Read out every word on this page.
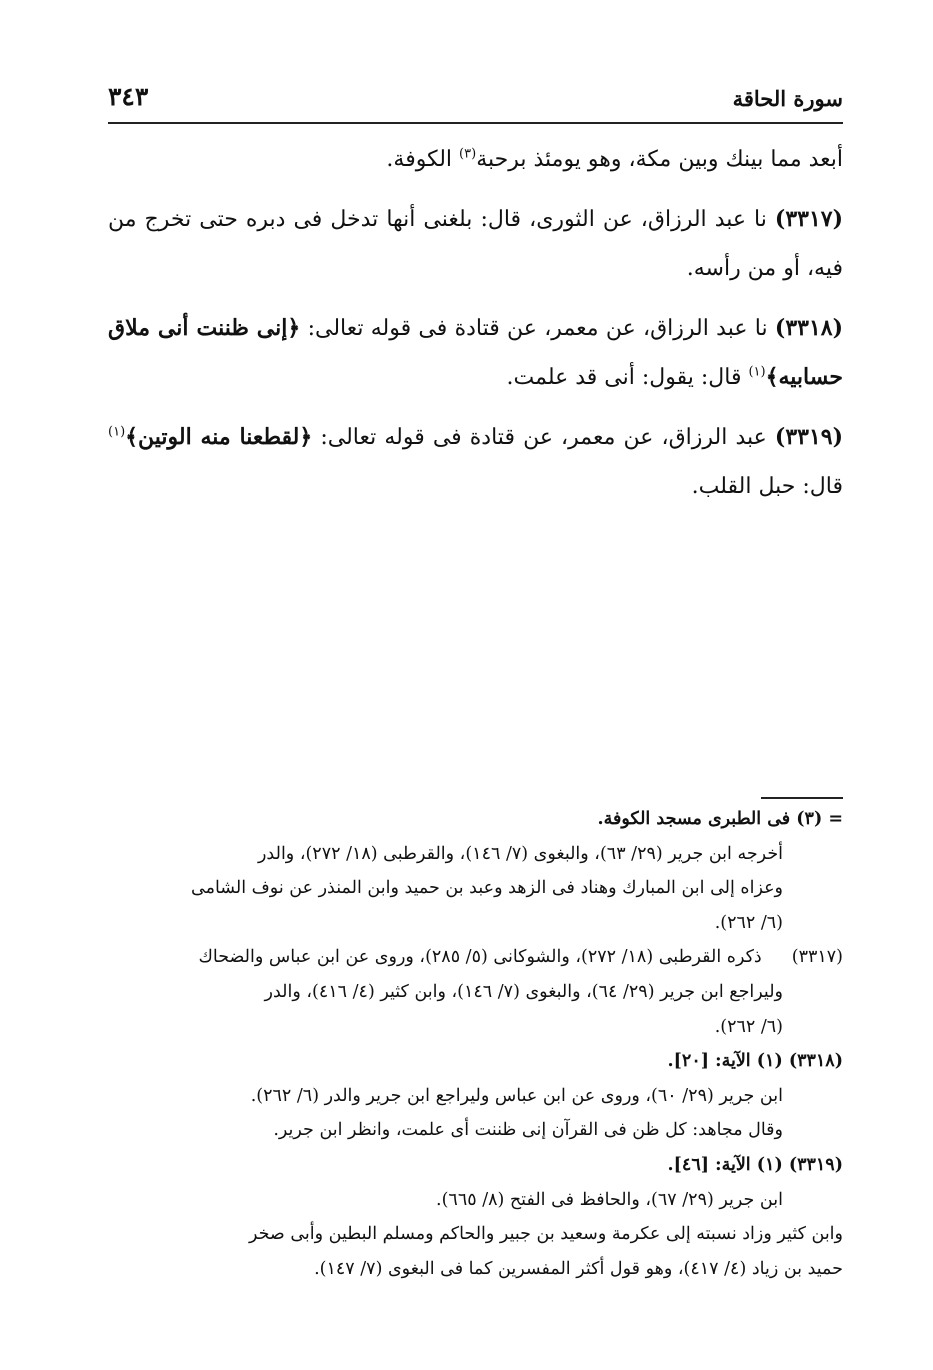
سورة الحاقة
٣٤٣

أبعد مما بينك وبين مكة، وهو يومئذ برحبة$^{(٣)}$ الكوفة.

(٣٣١٧) نا عبد الرزاق، عن الثورى، قال: بلغنى أنها تدخل فى دبره حتى تخرج من فيه، أو من رأسه.

(٣٣١٨) نا عبد الرزاق، عن معمر، عن قتادة فى قوله تعالى: ﴿إنى ظننت أنى ملاق حسابيه﴾$^{(١)}$ قال: يقول: أنى قد علمت.

(٣٣١٩) عبد الرزاق، عن معمر، عن قتادة فى قوله تعالى: ﴿لقطعنا منه الوتين﴾$^{(١)}$ قال: حبل القلب.

= (٣) فى الطبرى مسجد الكوفة.
أخرجه ابن جرير (٢٩/ ٦٣)، والبغوى (٧/ ١٤٦)، والقرطبى (١٨/ ٢٧٢)، والدر
وعزاه إلى ابن المبارك وهناد فى الزهد وعبد بن حميد وابن المنذر عن نوف الشامى
(٦/ ٢٦٢).
(٣٣١٧)ذكره القرطبى (١٨/ ٢٧٢)، والشوكانى (٥/ ٢٨٥)، وروى عن ابن عباس والضحاك
وليراجع ابن جرير (٢٩/ ٦٤)، والبغوى (٧/ ١٤٦)، وابن كثير (٤/ ٤١٦)، والدر
(٦/ ٢٦٢).
(٣٣١٨) (١) الآية: [٢٠].
ابن جرير (٢٩/ ٦٠)، وروى عن ابن عباس وليراجع ابن جرير والدر (٦/ ٢٦٢).
وقال مجاهد: كل ظن فى القرآن إنى ظننت أى علمت، وانظر ابن جرير.
(٣٣١٩) (١) الآية: [٤٦].
ابن جرير (٢٩/ ٦٧)، والحافظ فى الفتح (٨/ ٦٦٥).
وابن كثير وزاد نسبته إلى عكرمة وسعيد بن جبير والحاكم ومسلم البطين وأبى صخر
حميد بن زياد (٤/ ٤١٧)، وهو قول أكثر المفسرين كما فى البغوى (٧/ ١٤٧).
